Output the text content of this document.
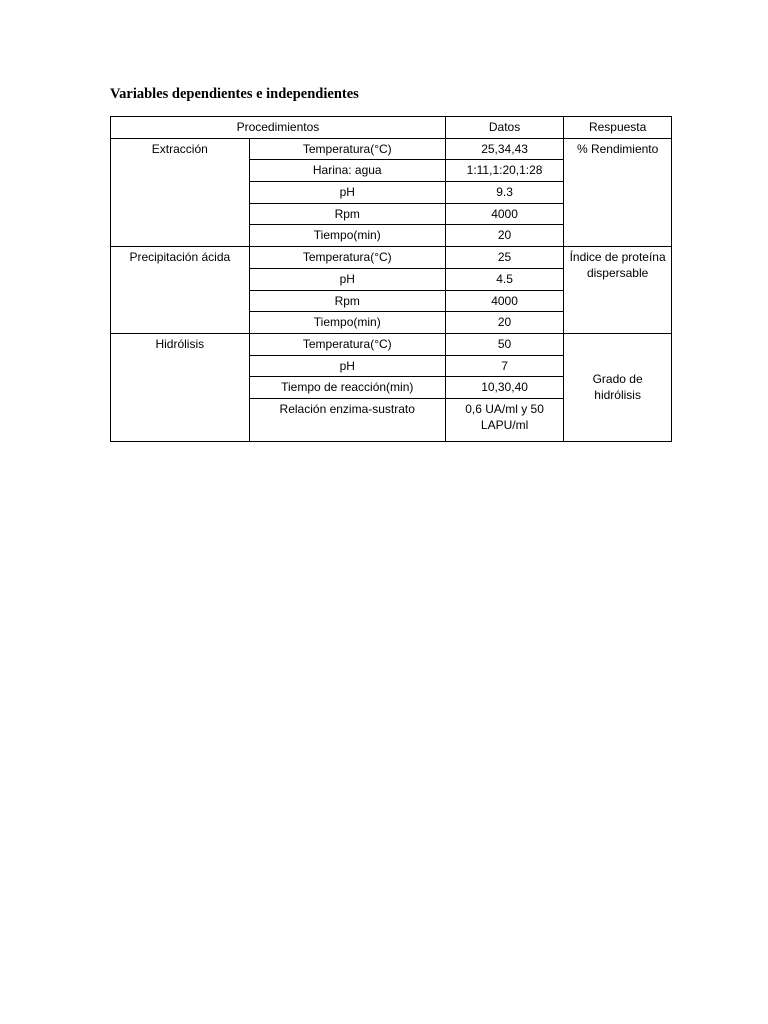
Variables dependientes e independientes
Procedimientos		Datos	Respuesta
Extracción	Temperatura(°C)	25,34,43	% Rendimiento
	Harina: agua	1:11,1:20,1:28	
	pH	9.3	
	Rpm	4000	
	Tiempo(min)	20	
Precipitación ácida	Temperatura(°C)	25	Índice de proteína dispersable
	pH	4.5	
	Rpm	4000	
	Tiempo(min)	20	
Hidrólisis	Temperatura(°C)	50	Grado de hidrólisis
	pH	7	
	Tiempo de reacción(min)	10,30,40	
	Relación enzima-sustrato	0,6 UA/ml y 50 LAPU/ml	
